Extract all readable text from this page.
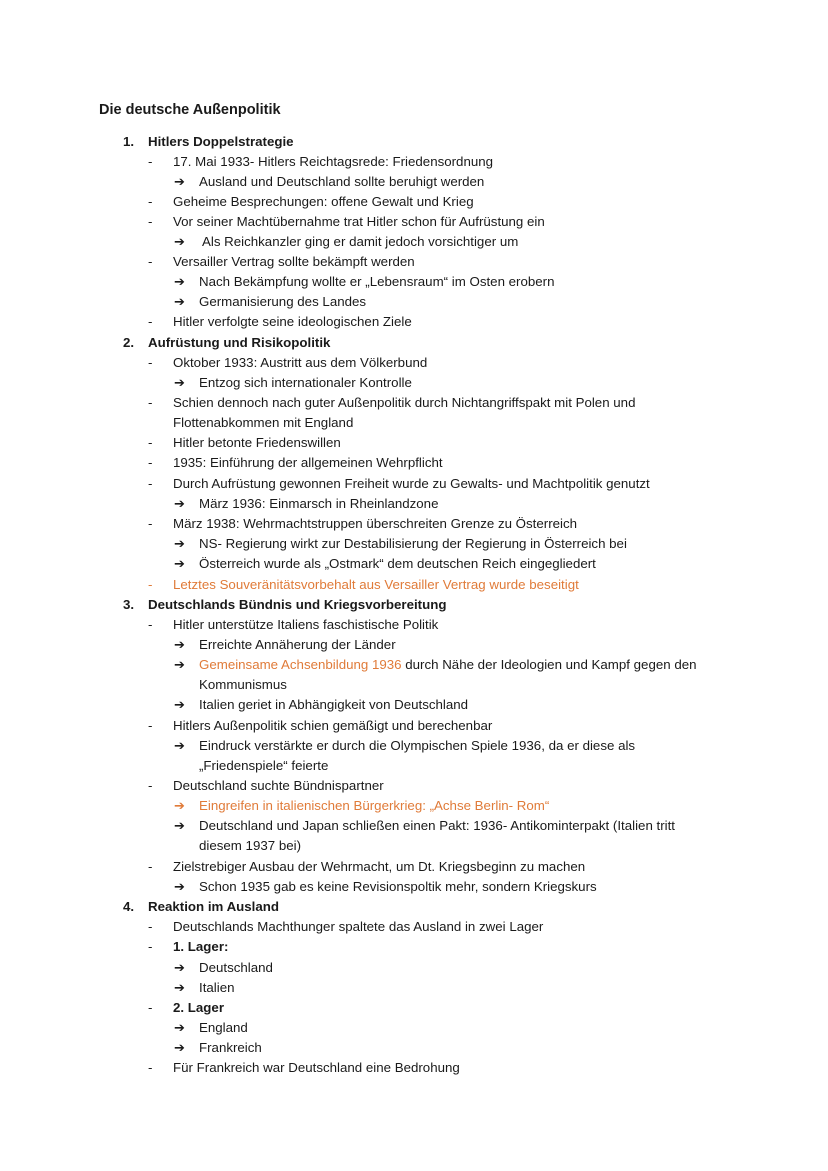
Die deutsche Außenpolitik
1. Hitlers Doppelstrategie
- 17. Mai 1933- Hitlers Reichtagsrede: Friedensordnung
➔ Ausland und Deutschland sollte beruhigt werden
- Geheime Besprechungen: offene Gewalt und Krieg
- Vor seiner Machtübernahme trat Hitler schon für Aufrüstung ein
➔ Als Reichkanzler ging er damit jedoch vorsichtiger um
- Versailler Vertrag sollte bekämpft werden
➔ Nach Bekämpfung wollte er „Lebensraum“ im Osten erobern
➔ Germanisierung des Landes
- Hitler verfolgte seine ideologischen Ziele
2. Aufrüstung und Risikopolitik
- Oktober 1933: Austritt aus dem Völkerbund
➔ Entzog sich internationaler Kontrolle
- Schien dennoch nach guter Außenpolitik durch Nichtangriffspakt mit Polen und
Flottenabkommen mit England
- Hitler betonte Friedenswillen
- 1935: Einführung der allgemeinen Wehrpflicht
- Durch Aufrüstung gewonnen Freiheit wurde zu Gewalts- und Machtpolitik genutzt
➔ März 1936: Einmarsch in Rheinlandzone
- März 1938: Wehrmachtstruppen überschreiten Grenze zu Österreich
➔ NS- Regierung wirkt zur Destabilisierung der Regierung in Österreich bei
➔ Österreich wurde als „Ostmark“ dem deutschen Reich eingegliedert
- Letztes Souveränitätsvorbehalt aus Versailler Vertrag wurde beseitigt
3. Deutschlands Bündnis und Kriegsvorbereitung
- Hitler unterstütze Italiens faschistische Politik
➔ Erreichte Annäherung der Länder
➔ Gemeinsame Achsenbildung 1936 durch Nähe der Ideologien und Kampf gegen den
Kommunismus
➔ Italien geriet in Abhängigkeit von Deutschland
- Hitlers Außenpolitik schien gemäßigt und berechenbar
➔ Eindruck verstärkte er durch die Olympischen Spiele 1936, da er diese als
„Friedenspiele“ feierte
- Deutschland suchte Bündnispartner
➔ Eingreifen in italienischen Bürgerkrieg: „Achse Berlin- Rom“
➔ Deutschland und Japan schließen einen Pakt: 1936- Antikominterpakt (Italien tritt
diesem 1937 bei)
- Zielstrebiger Ausbau der Wehrmacht, um Dt. Kriegsbeginn zu machen
➔ Schon 1935 gab es keine Revisionspoltik mehr, sondern Kriegskurs
4. Reaktion im Ausland
- Deutschlands Machthunger spaltete das Ausland in zwei Lager
- 1. Lager:
➔ Deutschland
➔ Italien
- 2. Lager
➔ England
➔ Frankreich
- Für Frankreich war Deutschland eine Bedrohung
